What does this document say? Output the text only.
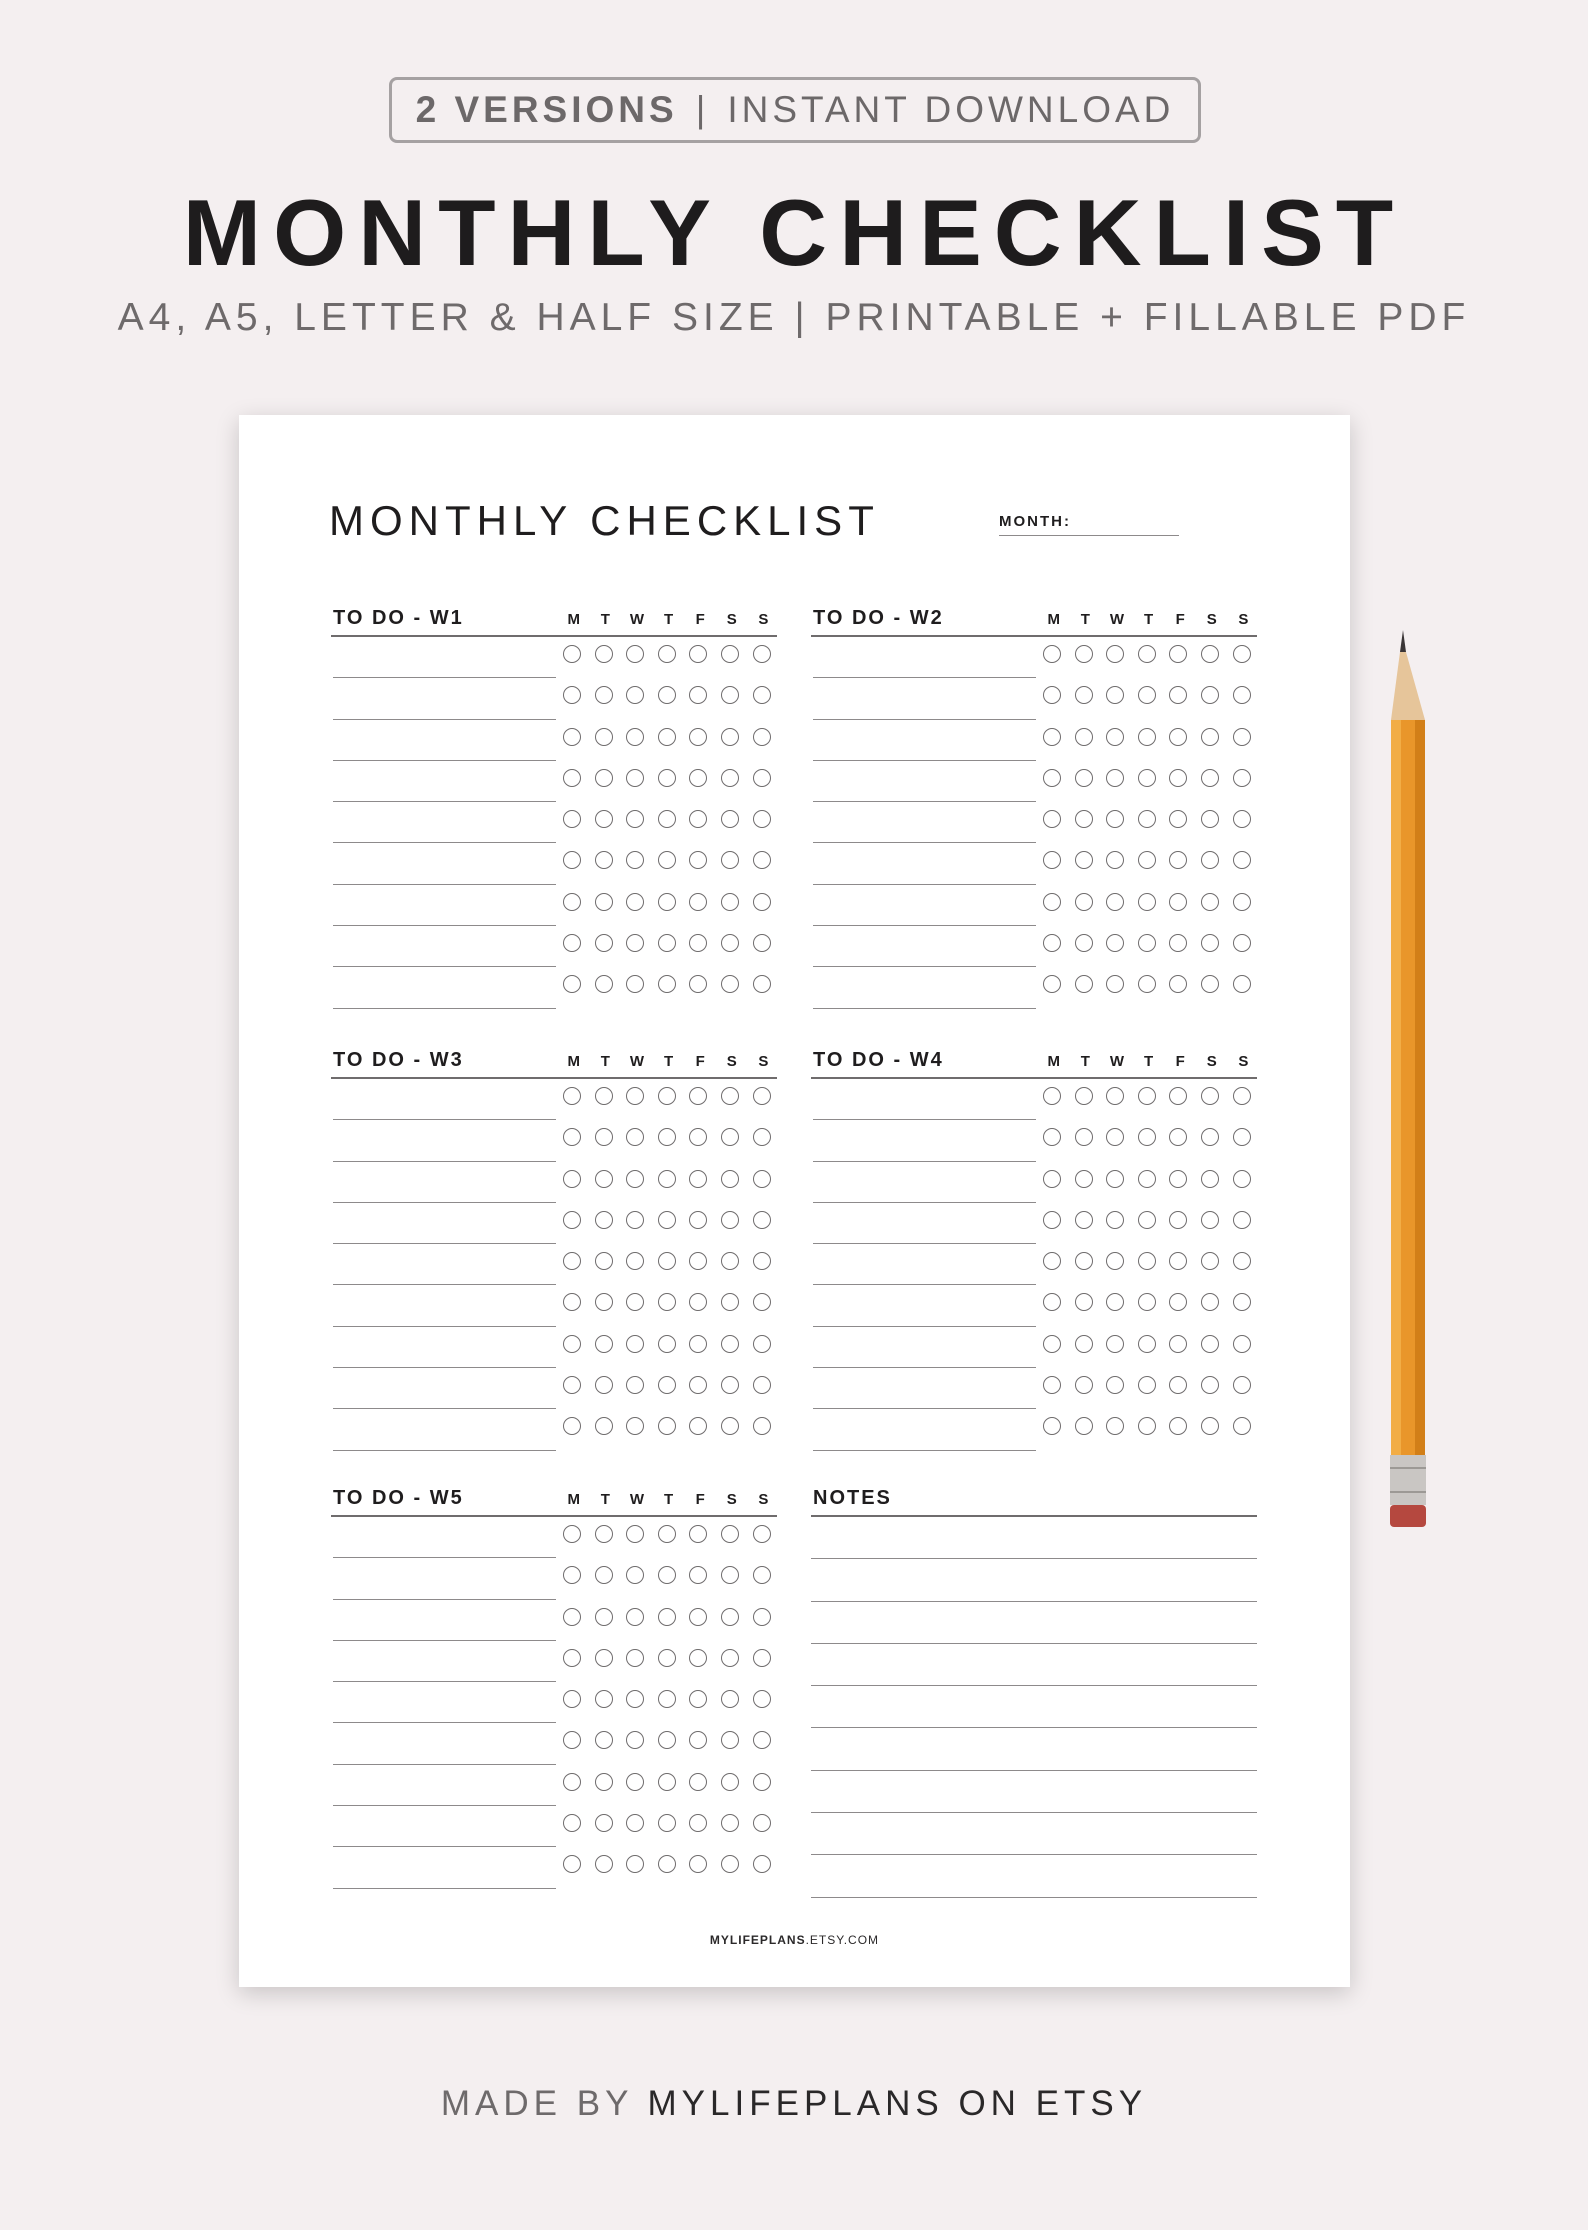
2 VERSIONS | INSTANT DOWNLOAD
MONTHLY CHECKLIST
A4, A5, LETTER & HALF SIZE | PRINTABLE + FILLABLE PDF
MONTHLY CHECKLIST	MONTH:
TO DO - W1	M	T	W	T	F	S	S	TO DO - W2	M	T	W	T	F	S	S
TO DO - W3	M	T	W	T	F	S	S	TO DO - W4	M	T	W	T	F	S	S
TO DO - W5	M	T	W	T	F	S	S	NOTES
MYLIFEPLANS.ETSY.COM
MADE BY MYLIFEPLANS ON ETSY
